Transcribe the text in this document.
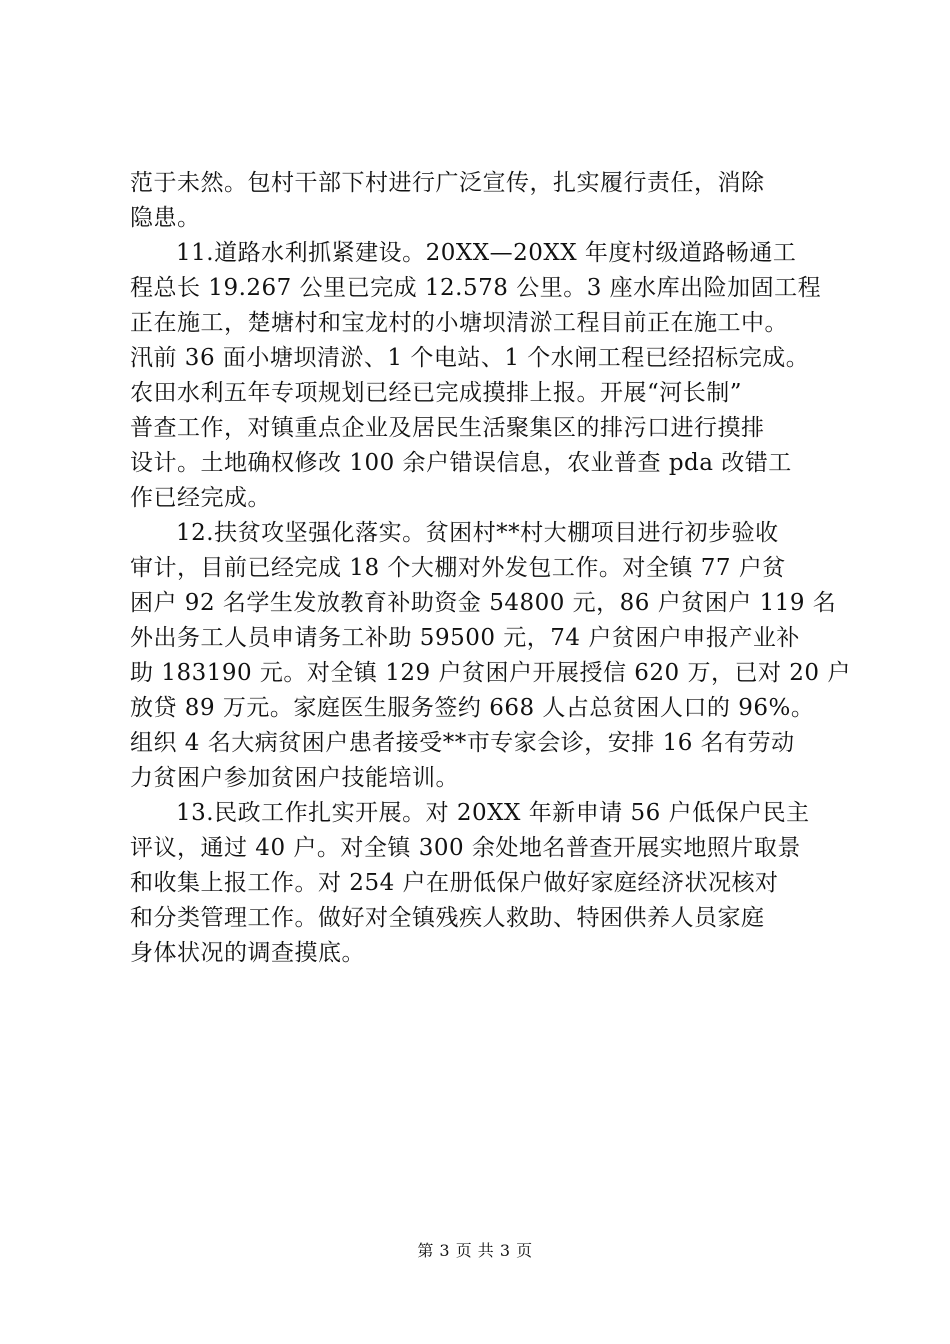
范于未然。包村干部下村进行广泛宣传，扎实履行责任，消除
隐患。
11.道路水利抓紧建设。20XX—20XX 年度村级道路畅通工
程总长 19.267 公里已完成 12.578 公里。3 座水库出险加固工程
正在施工，楚塘村和宝龙村的小塘坝清淤工程目前正在施工中。
汛前 36 面小塘坝清淤、1 个电站、1 个水闸工程已经招标完成。
农田水利五年专项规划已经已完成摸排上报。开展“河长制”
普查工作，对镇重点企业及居民生活聚集区的排污口进行摸排
设计。土地确权修改 100 余户错误信息，农业普查 pda 改错工
作已经完成。
12.扶贫攻坚强化落实。贫困村**村大棚项目进行初步验收
审计，目前已经完成 18 个大棚对外发包工作。对全镇 77 户贫
困户 92 名学生发放教育补助资金 54800 元，86 户贫困户 119 名
外出务工人员申请务工补助 59500 元，74 户贫困户申报产业补
助 183190 元。对全镇 129 户贫困户开展授信 620 万，已对 20 户
放贷 89 万元。家庭医生服务签约 668 人占总贫困人口的 96%。
组织 4 名大病贫困户患者接受**市专家会诊，安排 16 名有劳动
力贫困户参加贫困户技能培训。
13.民政工作扎实开展。对 20XX 年新申请 56 户低保户民主
评议，通过 40 户。对全镇 300 余处地名普查开展实地照片取景
和收集上报工作。对 254 户在册低保户做好家庭经济状况核对
和分类管理工作。做好对全镇残疾人救助、特困供养人员家庭
身体状况的调查摸底。
第 3 页 共 3 页
